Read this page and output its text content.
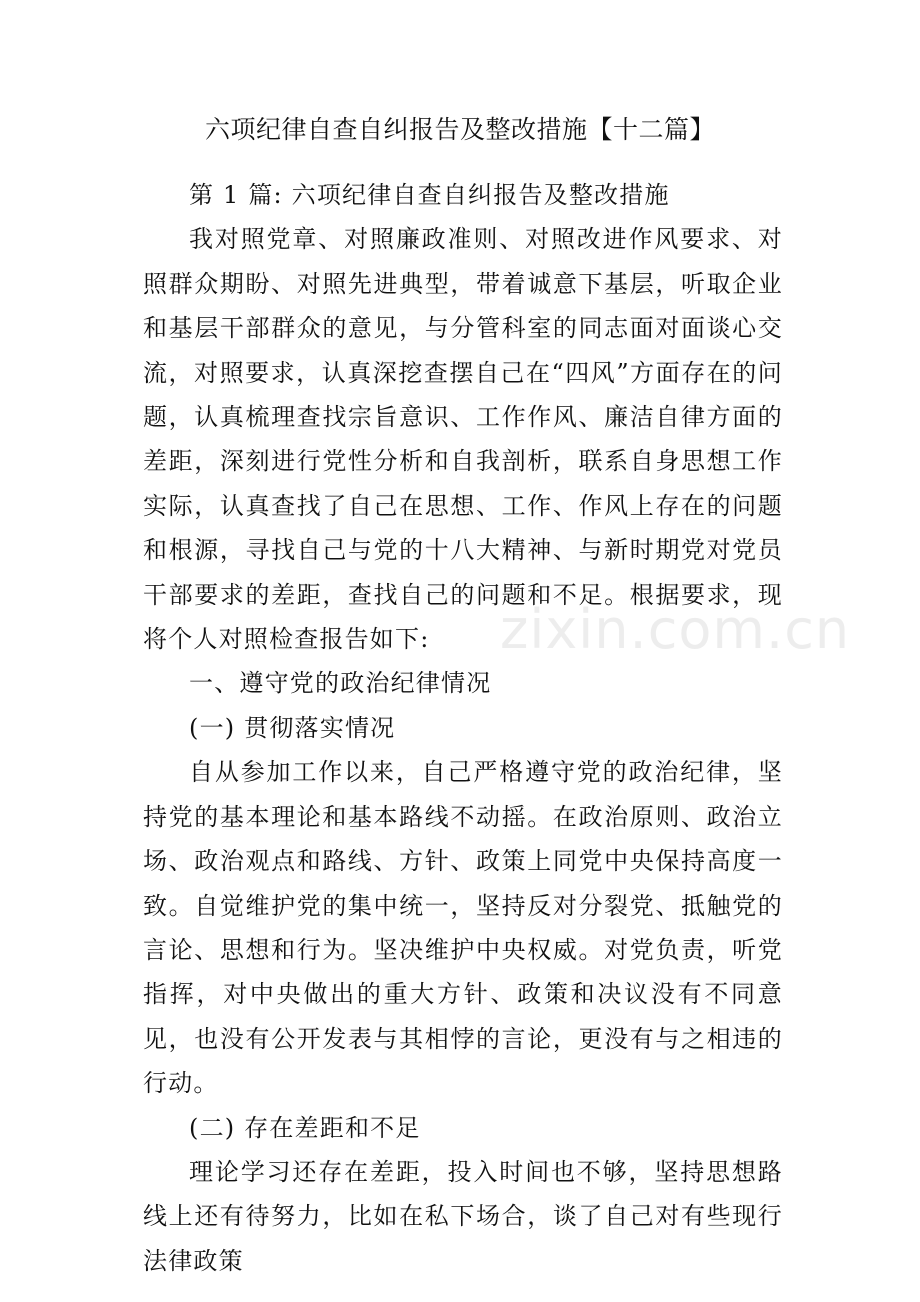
六项纪律自查自纠报告及整改措施【十二篇】

第 1 篇: 六项纪律自查自纠报告及整改措施

我对照党章、对照廉政准则、对照改进作风要求、对照群众期盼、对照先进典型，带着诚意下基层，听取企业和基层干部群众的意见，与分管科室的同志面对面谈心交流，对照要求，认真深挖查摆自己在“四风”方面存在的问题，认真梳理查找宗旨意识、工作作风、廉洁自律方面的差距，深刻进行党性分析和自我剖析，联系自身思想工作实际，认真查找了自己在思想、工作、作风上存在的问题和根源，寻找自己与党的十八大精神、与新时期党对党员干部要求的差距，查找自己的问题和不足。根据要求，现将个人对照检查报告如下:

一、遵守党的政治纪律情况

(一) 贯彻落实情况

自从参加工作以来，自己严格遵守党的政治纪律，坚持党的基本理论和基本路线不动摇。在政治原则、政治立场、政治观点和路线、方针、政策上同党中央保持高度一致。自觉维护党的集中统一，坚持反对分裂党、抵触党的言论、思想和行为。坚决维护中央权威。对党负责，听党指挥，对中央做出的重大方针、政策和决议没有不同意见，也没有公开发表与其相悖的言论，更没有与之相违的行动。

(二) 存在差距和不足

理论学习还存在差距，投入时间也不够，坚持思想路线上还有待努力，比如在私下场合，谈了自己对有些现行法律政策

zixin.com.cn
